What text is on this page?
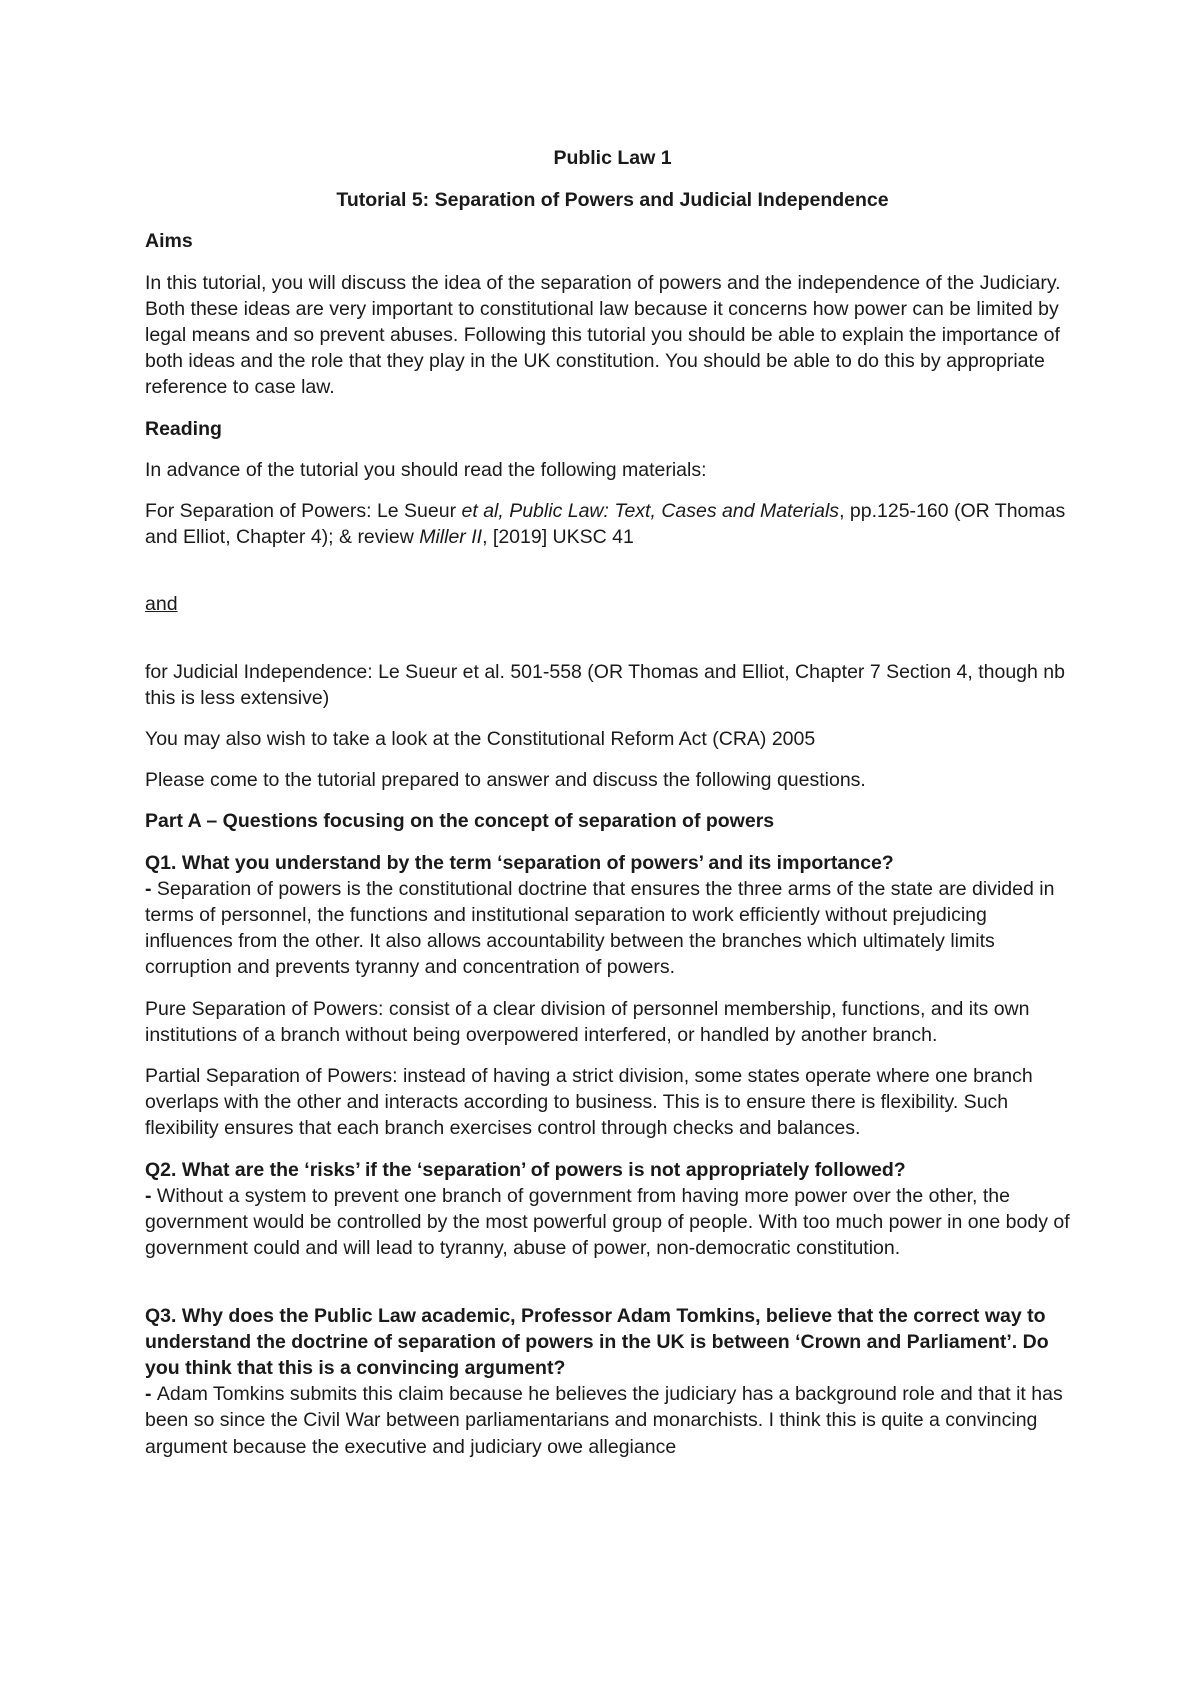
Public Law 1

Tutorial 5: Separation of Powers and Judicial Independence

Aims

In this tutorial, you will discuss the idea of the separation of powers and the independence of the Judiciary. Both these ideas are very important to constitutional law because it concerns how power can be limited by legal means and so prevent abuses. Following this tutorial you should be able to explain the importance of both ideas and the role that they play in the UK constitution. You should be able to do this by appropriate reference to case law.

Reading

In advance of the tutorial you should read the following materials:

For Separation of Powers: Le Sueur et al, Public Law: Text, Cases and Materials, pp.125-160 (OR Thomas and Elliot, Chapter 4); & review Miller II, [2019] UKSC 41

and

for Judicial Independence: Le Sueur et al. 501-558 (OR Thomas and Elliot, Chapter 7 Section 4, though nb this is less extensive)

You may also wish to take a look at the Constitutional Reform Act (CRA) 2005

Please come to the tutorial prepared to answer and discuss the following questions.

Part A – Questions focusing on the concept of separation of powers

Q1. What you understand by the term ‘separation of powers’ and its importance?

- Separation of powers is the constitutional doctrine that ensures the three arms of the state are divided in terms of personnel, the functions and institutional separation to work efficiently without prejudicing influences from the other. It also allows accountability between the branches which ultimately limits corruption and prevents tyranny and concentration of powers.

Pure Separation of Powers: consist of a clear division of personnel membership, functions, and its own institutions of a branch without being overpowered interfered, or handled by another branch.

Partial Separation of Powers: instead of having a strict division, some states operate where one branch overlaps with the other and interacts according to business. This is to ensure there is flexibility. Such flexibility ensures that each branch exercises control through checks and balances.

Q2. What are the ‘risks’ if the ‘separation’ of powers is not appropriately followed?

- Without a system to prevent one branch of government from having more power over the other, the government would be controlled by the most powerful group of people. With too much power in one body of government could and will lead to tyranny, abuse of power, non-democratic constitution.

Q3. Why does the Public Law academic, Professor Adam Tomkins, believe that the correct way to understand the doctrine of separation of powers in the UK is between ‘Crown and Parliament’. Do you think that this is a convincing argument?

- Adam Tomkins submits this claim because he believes the judiciary has a background role and that it has been so since the Civil War between parliamentarians and monarchists. I think this is quite a convincing argument because the executive and judiciary owe allegiance
